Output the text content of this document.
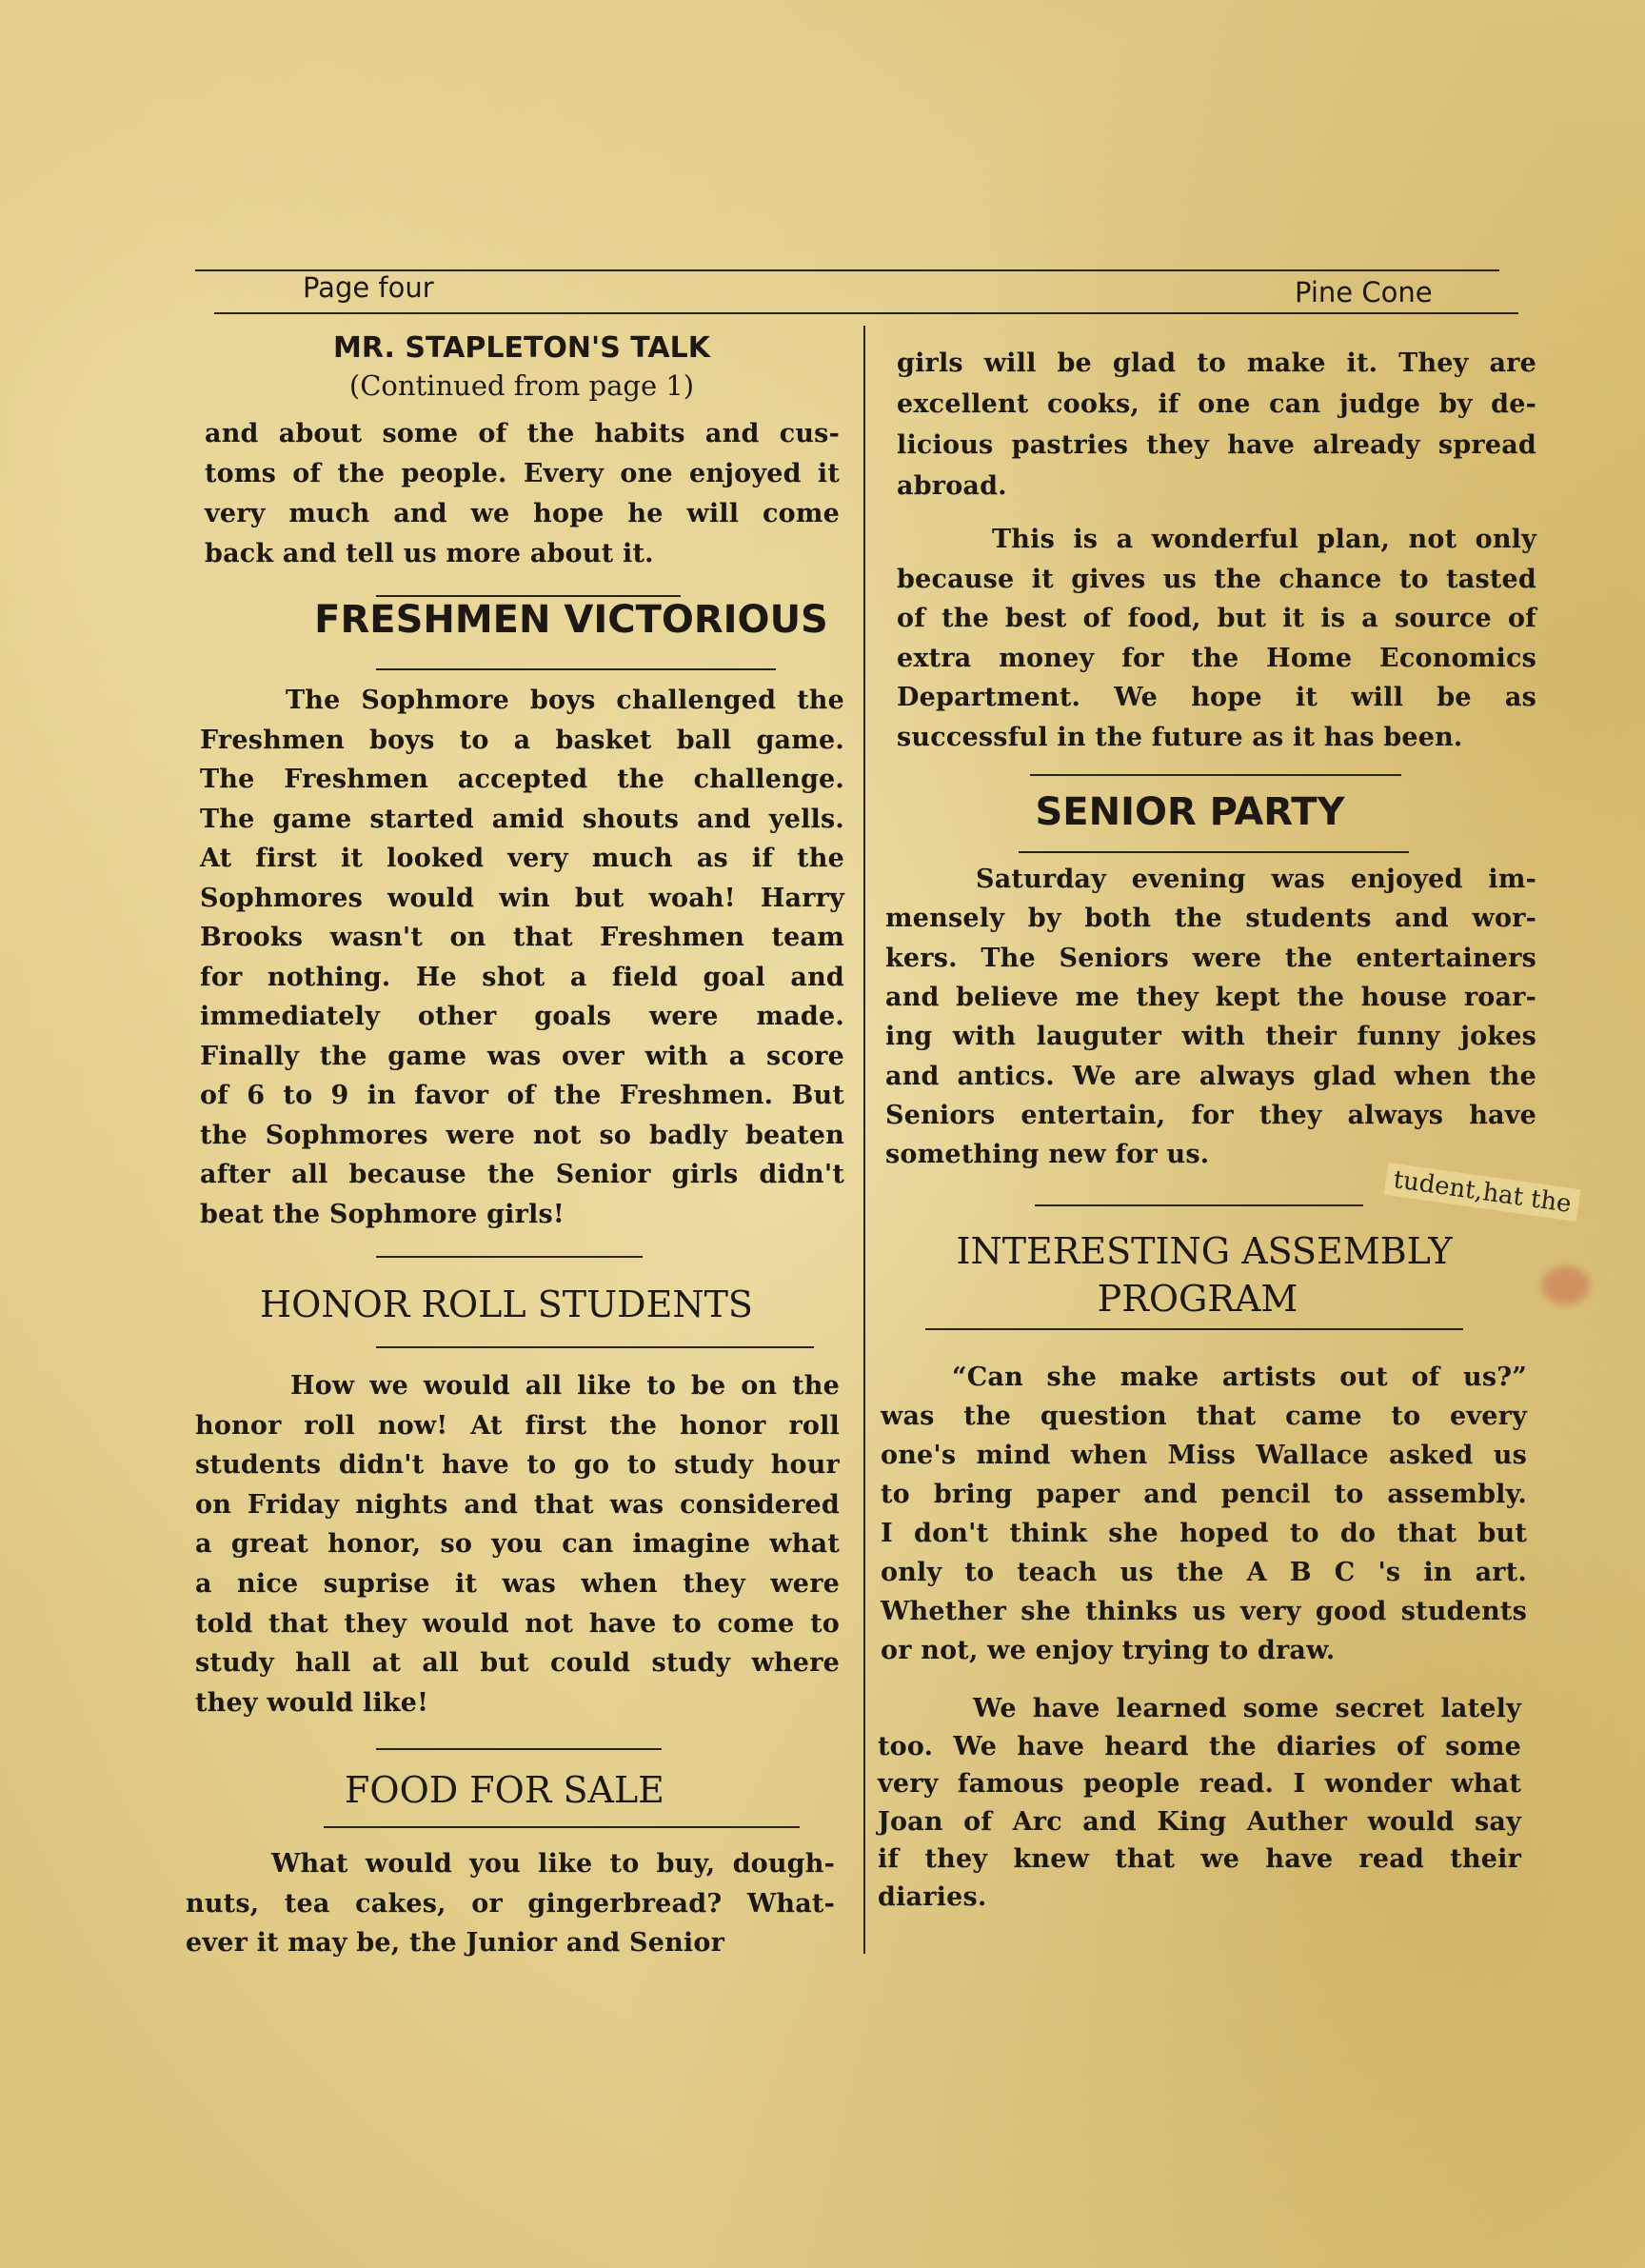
Page four	Pine Cone
MR. STAPLETON'S TALK
(Continued from page 1)
and about some of the habits and cus-
toms of the people. Every one enjoyed it
very much and we hope he will come
back and tell us more about it.
FRESHMEN VICTORIOUS
The Sophmore boys challenged the
Freshmen boys to a basket ball game.
The Freshmen accepted the challenge.
The game started amid shouts and yells.
At first it looked very much as if the
Sophmores would win but woah! Harry
Brooks wasn't on that Freshmen team
for nothing. He shot a field goal and
immediately other goals were made.
Finally the game was over with a score
of 6 to 9 in favor of the Freshmen. But
the Sophmores were not so badly beaten
after all because the Senior girls didn't
beat the Sophmore girls!
HONOR ROLL STUDENTS
How we would all like to be on the
honor roll now! At first the honor roll
students didn't have to go to study hour
on Friday nights and that was considered
a great honor, so you can imagine what
a nice suprise it was when they were
told that they would not have to come to
study hall at all but could study where
they would like!
FOOD FOR SALE
What would you like to buy, dough-
nuts, tea cakes, or gingerbread? What-
ever it may be, the Junior and Senior
girls will be glad to make it. They are
excellent cooks, if one can judge by de-
licious pastries they have already spread
abroad.
This is a wonderful plan, not only
because it gives us the chance to tasted
of the best of food, but it is a source of
extra money for the Home Economics
Department. We hope it will be as
successful in the future as it has been.
SENIOR PARTY
Saturday evening was enjoyed im-
mensely by both the students and wor-
kers. The Seniors were the entertainers
and believe me they kept the house roar-
ing with lauguter with their funny jokes
and antics. We are always glad when the
Seniors entertain, for they always have
something new for us.
INTERESTING ASSEMBLY
PROGRAM
“Can she make artists out of us?”
was the question that came to every
one's mind when Miss Wallace asked us
to bring paper and pencil to assembly.
I don't think she hoped to do that but
only to teach us the A B C 's in art.
Whether she thinks us very good students
or not, we enjoy trying to draw.
We have learned some secret lately
too. We have heard the diaries of some
very famous people read. I wonder what
Joan of Arc and King Auther would say
if they knew that we have read their
diaries.
tudent,hat the
